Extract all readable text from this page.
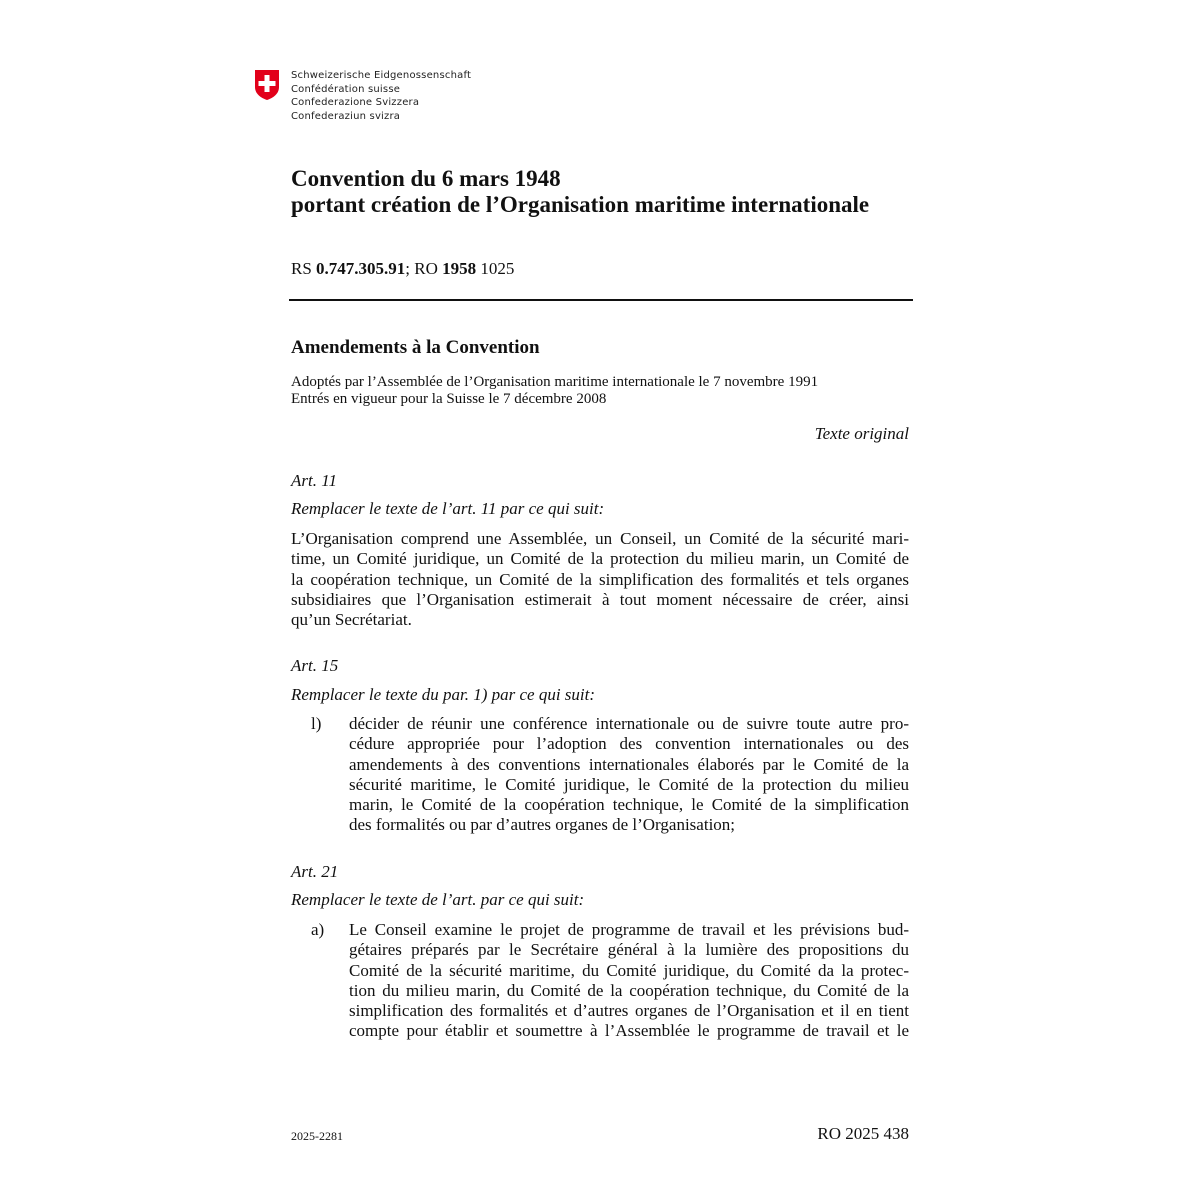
Schweizerische Eidgenossenschaft
Confédération suisse
Confederazione Svizzera
Confederaziun svizra
Convention du 6 mars 1948
portant création de l’Organisation maritime internationale
RS 0.747.305.91; RO 1958 1025
Amendements à la Convention
Adoptés par l’Assemblée de l’Organisation maritime internationale le 7 novembre 1991
Entrés en vigueur pour la Suisse le 7 décembre 2008
Texte original
Art. 11
Remplacer le texte de l’art. 11 par ce qui suit:
L’Organisation comprend une Assemblée, un Conseil, un Comité de la sécurité mari-
time, un Comité juridique, un Comité de la protection du milieu marin, un Comité de
la coopération technique, un Comité de la simplification des formalités et tels organes
subsidiaires que l’Organisation estimerait à tout moment nécessaire de créer, ainsi
qu’un Secrétariat.
Art. 15
Remplacer le texte du par. 1) par ce qui suit:
l) décider de réunir une conférence internationale ou de suivre toute autre pro-
cédure appropriée pour l’adoption des convention internationales ou des
amendements à des conventions internationales élaborés par le Comité de la
sécurité maritime, le Comité juridique, le Comité de la protection du milieu
marin, le Comité de la coopération technique, le Comité de la simplification
des formalités ou par d’autres organes de l’Organisation;
Art. 21
Remplacer le texte de l’art. par ce qui suit:
a) Le Conseil examine le projet de programme de travail et les prévisions bud-
gétaires préparés par le Secrétaire général à la lumière des propositions du
Comité de la sécurité maritime, du Comité juridique, du Comité da la protec-
tion du milieu marin, du Comité de la coopération technique, du Comité de la
simplification des formalités et d’autres organes de l’Organisation et il en tient
compte pour établir et soumettre à l’Assemblée le programme de travail et le
2025-2281	RO 2025 438
